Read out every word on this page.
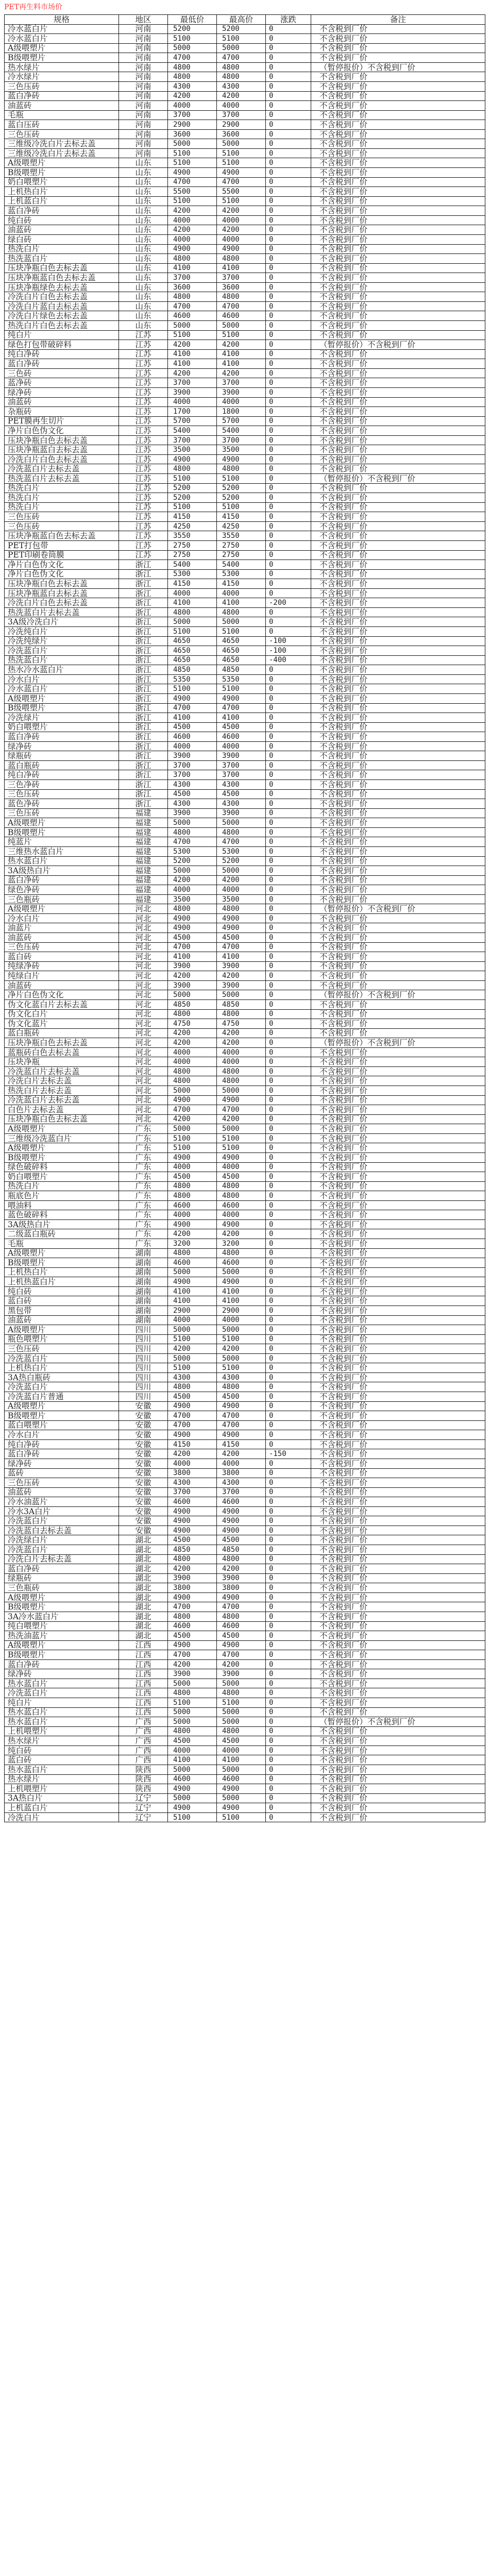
PET再生料市场价
规格	地区	最低价	最高价	涨跌	备注
冷水蓝白片	河南	5200	5200	0	不含税到厂价
冷水蓝白片	河南	5100	5100	0	不含税到厂价
A级喂塑片	河南	5000	5000	0	不含税到厂价
B级喂塑片	河南	4700	4700	0	不含税到厂价
热水绿片	河南	4800	4800	0	（暂停报价）不含税到厂价
冷水绿片	河南	4800	4800	0	不含税到厂价
三色压砖	河南	4300	4300	0	不含税到厂价
蓝白净砖	河南	4200	4200	0	不含税到厂价
油蓝砖	河南	4000	4000	0	不含税到厂价
毛瓶	河南	3700	3700	0	不含税到厂价
蓝白压砖	河南	2900	2900	0	不含税到厂价
三色压砖	河南	3600	3600	0	不含税到厂价
三维级冷洗白片去标去盖	河南	5000	5000	0	不含税到厂价
三维级冷洗白片去标去盖	河南	5100	5100	0	不含税到厂价
A级喂塑片	山东	5100	5100	0	不含税到厂价
B级喂塑片	山东	4900	4900	0	不含税到厂价
奶白喂塑片	山东	4700	4700	0	不含税到厂价
上机热白片	山东	5500	5500	0	不含税到厂价
上机蓝白片	山东	5100	5100	0	不含税到厂价
蓝白净砖	山东	4200	4200	0	不含税到厂价
纯白砖	山东	4000	4000	0	不含税到厂价
油蓝砖	山东	4200	4200	0	不含税到厂价
绿白砖	山东	4000	4000	0	不含税到厂价
热洗白片	山东	4900	4900	0	不含税到厂价
热洗蓝白片	山东	4800	4800	0	不含税到厂价
压块净瓶白色去标去盖	山东	4100	4100	0	不含税到厂价
压块净瓶蓝白色去标去盖	山东	3700	3700	0	不含税到厂价
压块净瓶绿色去标去盖	山东	3600	3600	0	不含税到厂价
冷洗白片白色去标去盖	山东	4800	4800	0	不含税到厂价
冷洗白片蓝白去标去盖	山东	4700	4700	0	不含税到厂价
冷洗白片绿色去标去盖	山东	4600	4600	0	不含税到厂价
热洗白片白色去标去盖	山东	5000	5000	0	不含税到厂价
纯白片	江苏	5100	5100	0	不含税到厂价
绿色打包带破碎料	江苏	4200	4200	0	（暂停报价）不含税到厂价
纯白净砖	江苏	4100	4100	0	不含税到厂价
蓝白净砖	江苏	4100	4100	0	不含税到厂价
三色砖	江苏	4200	4200	0	不含税到厂价
蓝净砖	江苏	3700	3700	0	不含税到厂价
绿净砖	江苏	3900	3900	0	不含税到厂价
油蓝砖	江苏	4000	4000	0	不含税到厂价
杂瓶砖	江苏	1700	1800	0	不含税到厂价
PET膜再生切片	江苏	5700	5700	0	不含税到厂价
净片白色伪文化	江苏	5400	5400	0	不含税到厂价
压块净瓶白色去标去盖	江苏	3700	3700	0	不含税到厂价
压块净瓶蓝白去标去盖	江苏	3500	3500	0	不含税到厂价
冷洗白片白色去标去盖	江苏	4900	4900	0	不含税到厂价
冷洗蓝白片去标去盖	江苏	4800	4800	0	不含税到厂价
热洗蓝白片去标去盖	江苏	5100	5100	0	（暂停报价）不含税到厂价
热洗白片	江苏	5200	5200	0	不含税到厂价
热洗白片	江苏	5200	5200	0	不含税到厂价
热洗白片	江苏	5100	5100	0	不含税到厂价
三色压砖	江苏	4150	4150	0	不含税到厂价
三色压砖	江苏	4250	4250	0	不含税到厂价
压块净瓶蓝白色去标去盖	江苏	3550	3550	0	不含税到厂价
PET打包带	江苏	2750	2750	0	不含税到厂价
PET印刷卷筒膜	江苏	2750	2750	0	不含税到厂价
净片白色伪文化	浙江	5400	5400	0	不含税到厂价
净片白色伪文化	浙江	5300	5300	0	不含税到厂价
压块净瓶白色去标去盖	浙江	4150	4150	0	不含税到厂价
压块净瓶蓝白去标去盖	浙江	4000	4000	0	不含税到厂价
冷洗白片白色去标去盖	浙江	4100	4100	-200	不含税到厂价
热洗蓝白片去标去盖	浙江	4800	4800	0	不含税到厂价
3A级冷洗白片	浙江	5000	5000	0	不含税到厂价
冷洗纯白片	浙江	5100	5100	0	不含税到厂价
冷洗纯绿片	浙江	4650	4650	-100	不含税到厂价
冷洗蓝白片	浙江	4650	4650	-100	不含税到厂价
热洗蓝白片	浙江	4650	4650	-400	不含税到厂价
热水冷水蓝白片	浙江	4850	4850	0	不含税到厂价
冷水白片	浙江	5350	5350	0	不含税到厂价
冷水蓝白片	浙江	5100	5100	0	不含税到厂价
A级喂塑片	浙江	4900	4900	0	不含税到厂价
B级喂塑片	浙江	4700	4700	0	不含税到厂价
冷洗绿片	浙江	4100	4100	0	不含税到厂价
奶白喂塑片	浙江	4500	4500	0	不含税到厂价
蓝白净砖	浙江	4600	4600	0	不含税到厂价
绿净砖	浙江	4000	4000	0	不含税到厂价
绿瓶砖	浙江	3900	3900	0	不含税到厂价
蓝白瓶砖	浙江	3700	3700	0	不含税到厂价
纯白净砖	浙江	3700	3700	0	不含税到厂价
三色净砖	浙江	4300	4300	0	不含税到厂价
三色压砖	浙江	4500	4500	0	不含税到厂价
蓝色净砖	浙江	4300	4300	0	不含税到厂价
三色压砖	福建	3900	3900	0	不含税到厂价
A级喂塑片	福建	5000	5000	0	不含税到厂价
B级喂塑片	福建	4800	4800	0	不含税到厂价
纯蓝片	福建	4700	4700	0	不含税到厂价
三维热水蓝白片	福建	5300	5300	0	不含税到厂价
热水蓝白片	福建	5200	5200	0	不含税到厂价
3A级热白片	福建	5000	5000	0	不含税到厂价
蓝白净砖	福建	4200	4200	0	不含税到厂价
绿色净砖	福建	4000	4000	0	不含税到厂价
三色瓶砖	福建	3500	3500	0	不含税到厂价
A级喂塑片	河北	4800	4800	0	（暂停报价）不含税到厂价
冷水白片	河北	4900	4900	0	不含税到厂价
油蓝片	河北	4900	4900	0	不含税到厂价
油蓝砖	河北	4500	4500	0	不含税到厂价
三色压砖	河北	4700	4700	0	不含税到厂价
蓝白砖	河北	4100	4100	0	不含税到厂价
纯绿净砖	河北	3900	3900	0	不含税到厂价
纯绿白片	河北	4200	4200	0	不含税到厂价
油蓝砖	河北	3900	3900	0	不含税到厂价
净片白色伪文化	河北	5000	5000	0	（暂停报价）不含税到厂价
伪文化蓝白片去标去盖	河北	4850	4850	0	不含税到厂价
伪文化白片	河北	4800	4800	0	不含税到厂价
伪文化蓝片	河北	4750	4750	0	不含税到厂价
蓝白瓶砖	河北	4200	4200	0	不含税到厂价
压块净瓶白色去标去盖	河北	4200	4200	0	（暂停报价）不含税到厂价
蓝瓶砖白色去标去盖	河北	4000	4000	0	不含税到厂价
压块净瓶	河北	4000	4000	0	不含税到厂价
冷洗蓝白片去标去盖	河北	4800	4800	0	不含税到厂价
冷洗白片去标去盖	河北	4800	4800	0	不含税到厂价
热洗白片去标去盖	河北	5000	5000	0	不含税到厂价
冷洗蓝白片去标去盖	河北	4900	4900	0	不含税到厂价
白色片去标去盖	河北	4700	4700	0	不含税到厂价
压块净瓶白色去标去盖	河北	4200	4200	0	不含税到厂价
A级喂塑片	广东	5000	5000	0	不含税到厂价
三维级冷洗蓝白片	广东	5100	5100	0	不含税到厂价
A级喂塑片	广东	5100	5100	0	不含税到厂价
B级喂塑片	广东	4900	4900	0	不含税到厂价
绿色破碎料	广东	4000	4000	0	不含税到厂价
奶白喂塑片	广东	4500	4500	0	不含税到厂价
热洗白片	广东	4800	4800	0	不含税到厂价
瓶底色片	广东	4800	4800	0	不含税到厂价
喂油料	广东	4600	4600	0	不含税到厂价
蓝色破碎料	广东	4000	4000	0	不含税到厂价
3A级热白片	广东	4900	4900	0	不含税到厂价
二级蓝白瓶砖	广东	4200	4200	0	不含税到厂价
毛瓶	广东	3200	3200	0	不含税到厂价
A级喂塑片	湖南	4800	4800	0	不含税到厂价
B级喂塑片	湖南	4600	4600	0	不含税到厂价
上机热白片	湖南	5000	5000	0	不含税到厂价
上机热蓝白片	湖南	4900	4900	0	不含税到厂价
纯白砖	湖南	4100	4100	0	不含税到厂价
蓝白砖	湖南	4100	4100	0	不含税到厂价
黑包带	湖南	2900	2900	0	不含税到厂价
油蓝砖	湖南	4000	4000	0	不含税到厂价
A级喂塑片	四川	5000	5000	0	不含税到厂价
瓶色喂塑片	四川	5100	5100	0	不含税到厂价
三色压砖	四川	4200	4200	0	不含税到厂价
冷洗蓝白片	四川	5000	5000	0	不含税到厂价
上机热白片	四川	5100	5100	0	不含税到厂价
3A热白瓶砖	四川	4300	4300	0	不含税到厂价
冷洗蓝白片	四川	4800	4800	0	不含税到厂价
冷洗蓝白片普通	四川	4500	4500	0	不含税到厂价
A级喂塑片	安徽	4900	4900	0	不含税到厂价
B级喂塑片	安徽	4700	4700	0	不含税到厂价
蓝白喂塑片	安徽	4700	4700	0	不含税到厂价
冷水白片	安徽	4900	4900	0	不含税到厂价
纯白净砖	安徽	4150	4150	0	不含税到厂价
蓝白净砖	安徽	4200	4200	-150	不含税到厂价
绿净砖	安徽	4000	4000	0	不含税到厂价
蓝砖	安徽	3800	3800	0	不含税到厂价
三色压砖	安徽	4300	4300	0	不含税到厂价
油蓝砖	安徽	3700	3700	0	不含税到厂价
冷水油蓝片	安徽	4600	4600	0	不含税到厂价
冷水3A白片	安徽	4900	4900	0	不含税到厂价
冷洗蓝白片	安徽	4900	4900	0	不含税到厂价
冷洗蓝白去标去盖	安徽	4900	4900	0	不含税到厂价
冷洗绿白片	湖北	4500	4500	0	不含税到厂价
冷洗蓝白片	湖北	4850	4850	0	不含税到厂价
冷洗白片去标去盖	湖北	4800	4800	0	不含税到厂价
蓝白净砖	湖北	4200	4200	0	不含税到厂价
绿瓶砖	湖北	3900	3900	0	不含税到厂价
三色瓶砖	湖北	3800	3800	0	不含税到厂价
A级喂塑片	湖北	4900	4900	0	不含税到厂价
B级喂塑片	湖北	4700	4700	0	不含税到厂价
3A冷水蓝白片	湖北	4800	4800	0	不含税到厂价
纯白喂塑片	湖北	4600	4600	0	不含税到厂价
热洗油蓝片	湖北	4500	4500	0	不含税到厂价
A级喂塑片	江西	4900	4900	0	不含税到厂价
B级喂塑片	江西	4700	4700	0	不含税到厂价
蓝白净砖	江西	4200	4200	0	不含税到厂价
绿净砖	江西	3900	3900	0	不含税到厂价
热水蓝白片	江西	5000	5000	0	不含税到厂价
冷洗蓝白片	江西	4800	4800	0	不含税到厂价
纯白片	江西	5100	5100	0	不含税到厂价
热水蓝白片	江西	5000	5000	0	不含税到厂价
热水蓝白片	广西	5000	5000	0	（暂停报价）不含税到厂价
上机喂塑片	广西	4800	4800	0	不含税到厂价
热水绿片	广西	4500	4500	0	不含税到厂价
纯白砖	广西	4000	4000	0	不含税到厂价
蓝白砖	广西	4100	4100	0	不含税到厂价
热水蓝白片	陕西	5000	5000	0	不含税到厂价
热水绿片	陕西	4600	4600	0	不含税到厂价
上机喂塑片	陕西	4900	4900	0	不含税到厂价
3A热白片	辽宁	5000	5000	0	不含税到厂价
上机蓝白片	辽宁	4900	4900	0	不含税到厂价
冷洗白片	辽宁	5100	5100	0	不含税到厂价
